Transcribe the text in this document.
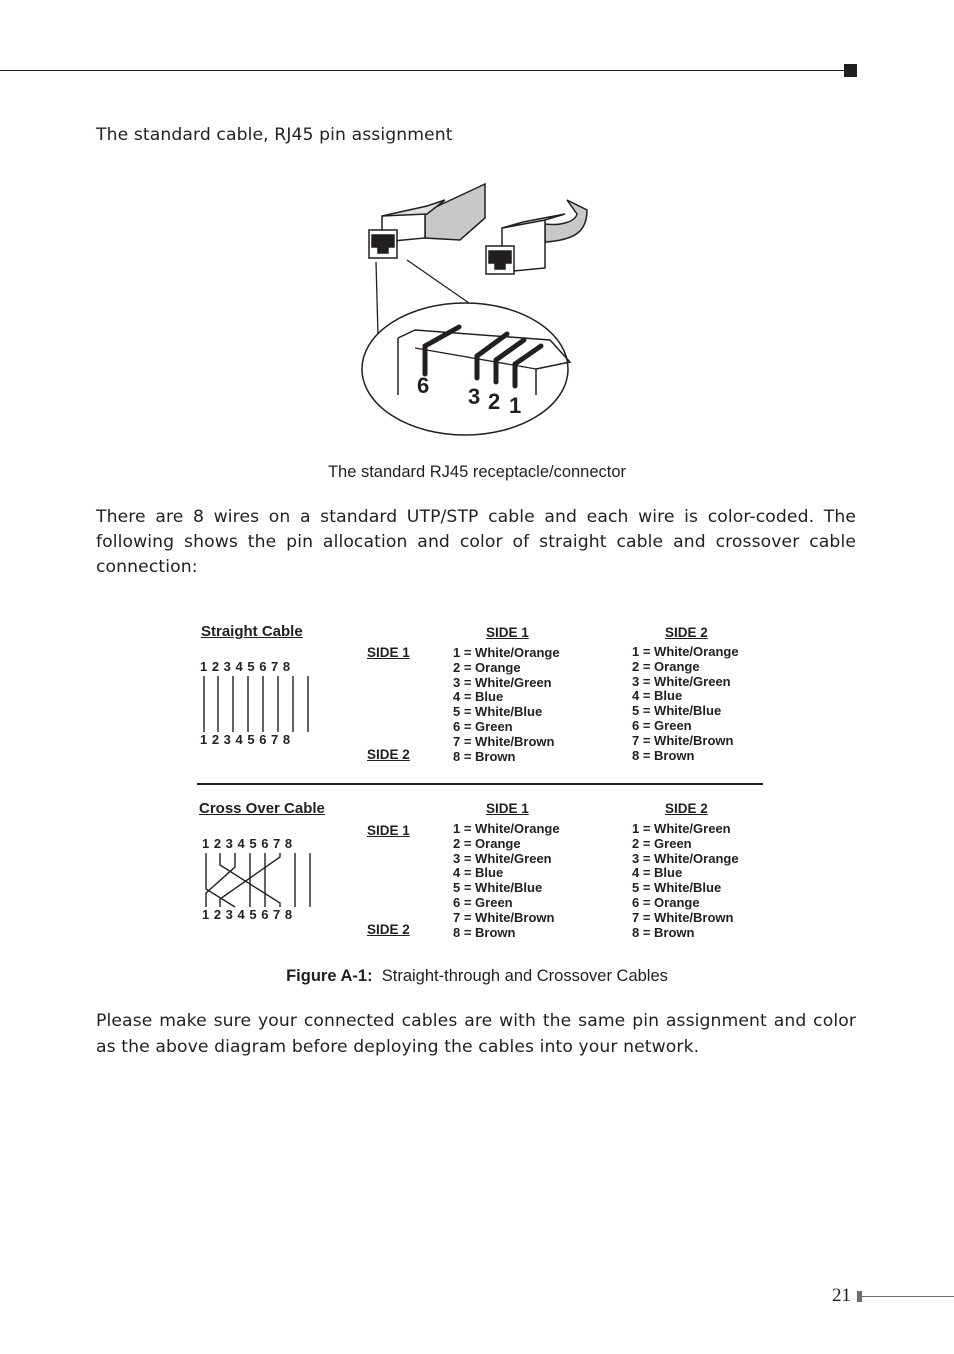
The standard cable, RJ45 pin assignment
6 3 2 1
The standard RJ45 receptacle/connector
There are 8 wires on a standard UTP/STP cable and each wire is color-coded. The following shows the pin allocation and color of straight cable and crossover cable connection:
Straight Cable
1 2 3 4 5 6 7 8
1 2 3 4 5 6 7 8
SIDE 1
SIDE 2
SIDE 1	SIDE 2
1 = White/Orange
2 = Orange
3 = White/Green
4 = Blue
5 = White/Blue
6 = Green
7 = White/Brown
8 = Brown
1 = White/Orange
2 = Orange
3 = White/Green
4 = Blue
5 = White/Blue
6 = Green
7 = White/Brown
8 = Brown
Cross Over Cable
1 2 3 4 5 6 7 8
1 2 3 4 5 6 7 8
SIDE 1
SIDE 2
SIDE 1	SIDE 2
1 = White/Orange
2 = Orange
3 = White/Green
4 = Blue
5 = White/Blue
6 = Green
7 = White/Brown
8 = Brown
1 = White/Green
2 = Green
3 = White/Orange
4 = Blue
5 = White/Blue
6 = Orange
7 = White/Brown
8 = Brown
Figure A-1: Straight-through and Crossover Cables
Please make sure your connected cables are with the same pin assignment and color as the above diagram before deploying the cables into your network.
21
